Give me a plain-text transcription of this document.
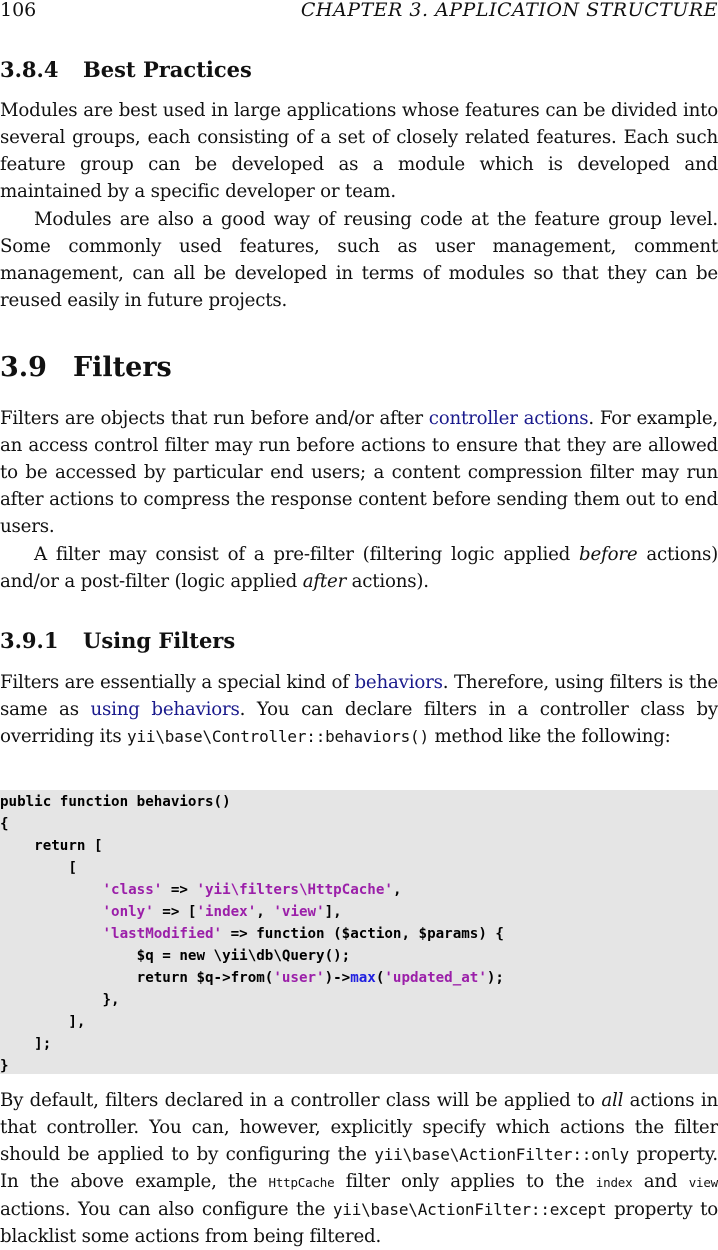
106	CHAPTER 3. APPLICATION STRUCTURE
3.8.4 Best Practices

Modules are best used in large applications whose features can be divided into several groups, each consisting of a set of closely related features. Each such feature group can be developed as a module which is developed and maintained by a specific developer or team.

Modules are also a good way of reusing code at the feature group level. Some commonly used features, such as user management, comment management, can all be developed in terms of modules so that they can be reused easily in future projects.

3.9 Filters

Filters are objects that run before and/or after controller actions. For example, an access control filter may run before actions to ensure that they are allowed to be accessed by particular end users; a content compression filter may run after actions to compress the response content before sending them out to end users.

A filter may consist of a pre-filter (filtering logic applied before actions) and/or a post-filter (logic applied after actions).

3.9.1 Using Filters

Filters are essentially a special kind of behaviors. Therefore, using filters is the same as using behaviors. You can declare filters in a controller class by overriding its yii\base\Controller::behaviors() method like the following:

public function behaviors()
{
return [
[
'class' => 'yii\filters\HttpCache',
'only' => ['index', 'view'],
'lastModified' => function ($action, $params) {
$q = new \yii\db\Query();
return $q->from('user')->max('updated_at');
},
],
];
}

By default, filters declared in a controller class will be applied to all actions in that controller. You can, however, explicitly specify which actions the filter should be applied to by configuring the yii\base\ActionFilter::only property. In the above example, the HttpCache filter only applies to the index and view actions. You can also configure the yii\base\ActionFilter::except property to blacklist some actions from being filtered.
